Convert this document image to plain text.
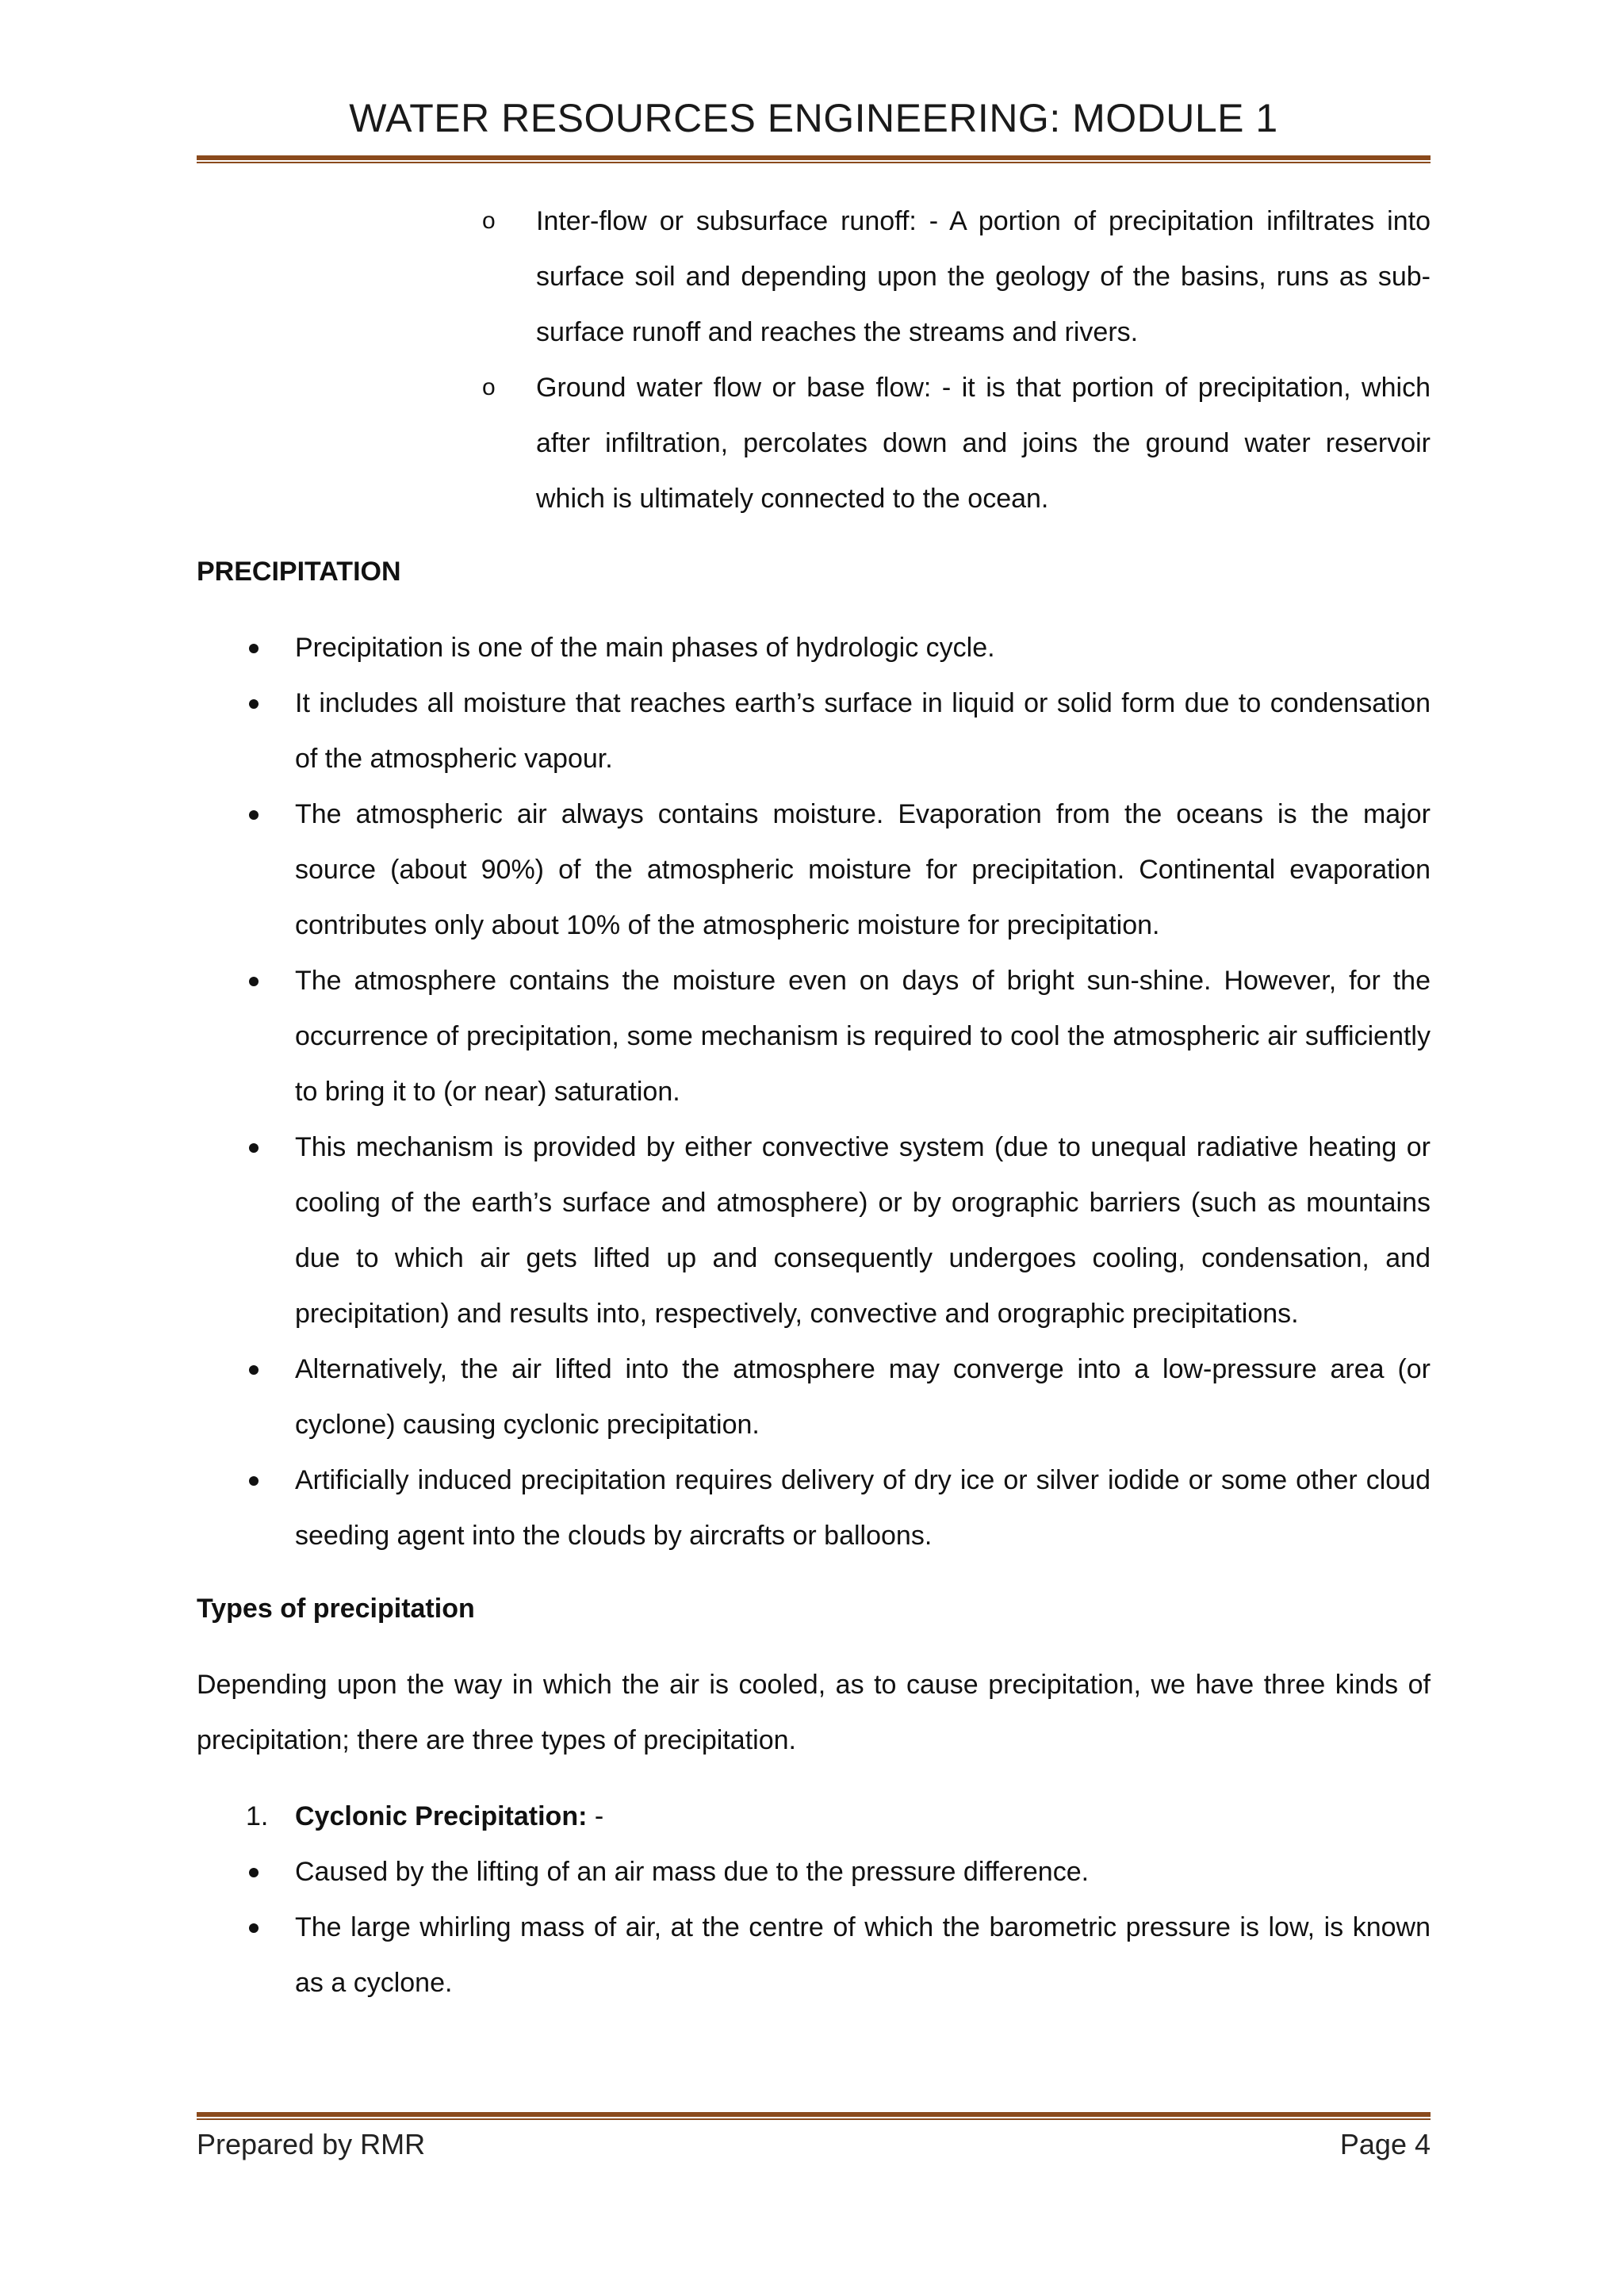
WATER RESOURCES ENGINEERING: MODULE 1
o Inter-flow or subsurface runoff: - A portion of precipitation infiltrates into surface soil and depending upon the geology of the basins, runs as sub-surface runoff and reaches the streams and rivers.
o Ground water flow or base flow: - it is that portion of precipitation, which after infiltration, percolates down and joins the ground water reservoir which is ultimately connected to the ocean.
PRECIPITATION
Precipitation is one of the main phases of hydrologic cycle.
It includes all moisture that reaches earth’s surface in liquid or solid form due to condensation of the atmospheric vapour.
The atmospheric air always contains moisture. Evaporation from the oceans is the major source (about 90%) of the atmospheric moisture for precipitation. Continental evaporation contributes only about 10% of the atmospheric moisture for precipitation.
The atmosphere contains the moisture even on days of bright sun-shine. However, for the occurrence of precipitation, some mechanism is required to cool the atmospheric air sufficiently to bring it to (or near) saturation.
This mechanism is provided by either convective system (due to unequal radiative heating or cooling of the earth’s surface and atmosphere) or by orographic barriers (such as mountains due to which air gets lifted up and consequently undergoes cooling, condensation, and precipitation) and results into, respectively, convective and orographic precipitations.
Alternatively, the air lifted into the atmosphere may converge into a low-pressure area (or cyclone) causing cyclonic precipitation.
Artificially induced precipitation requires delivery of dry ice or silver iodide or some other cloud seeding agent into the clouds by aircrafts or balloons.
Types of precipitation

Depending upon the way in which the air is cooled, as to cause precipitation, we have three kinds of precipitation; there are three types of precipitation.

1. Cyclonic Precipitation: -
Caused by the lifting of an air mass due to the pressure difference.
The large whirling mass of air, at the centre of which the barometric pressure is low, is known as a cyclone.
Prepared by RMR	Page 4
